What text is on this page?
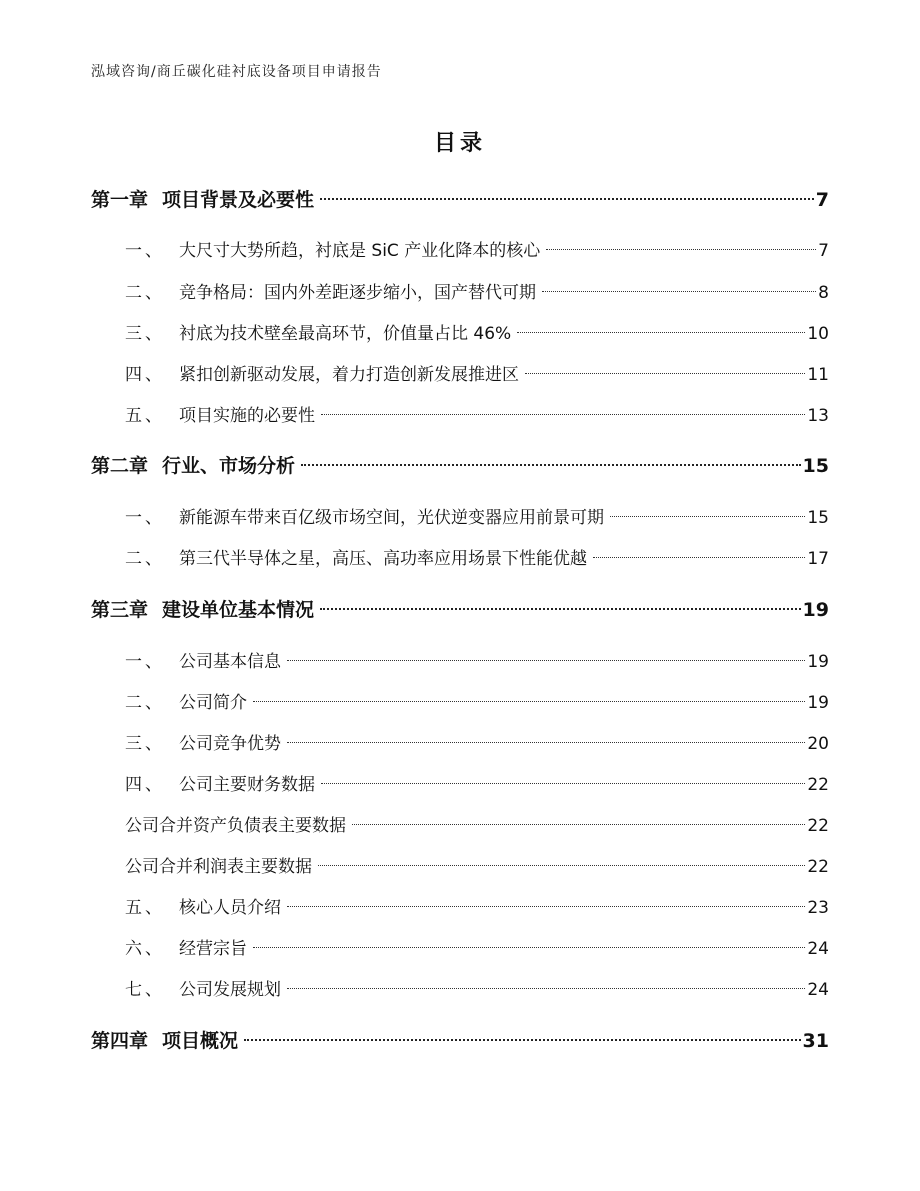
泓域咨询/商丘碳化硅衬底设备项目申请报告
目录
第一章 项目背景及必要性	7
一、 大尺寸大势所趋，衬底是 SiC 产业化降本的核心	7
二、 竞争格局：国内外差距逐步缩小，国产替代可期	8
三、 衬底为技术壁垒最高环节，价值量占比 46%	10
四、 紧扣创新驱动发展，着力打造创新发展推进区	11
五、 项目实施的必要性	13
第二章 行业、市场分析	15
一、 新能源车带来百亿级市场空间，光伏逆变器应用前景可期	15
二、 第三代半导体之星，高压、高功率应用场景下性能优越	17
第三章 建设单位基本情况	19
一、 公司基本信息	19
二、 公司简介	19
三、 公司竞争优势	20
四、 公司主要财务数据	22
公司合并资产负债表主要数据	22
公司合并利润表主要数据	22
五、 核心人员介绍	23
六、 经营宗旨	24
七、 公司发展规划	24
第四章 项目概况	31
